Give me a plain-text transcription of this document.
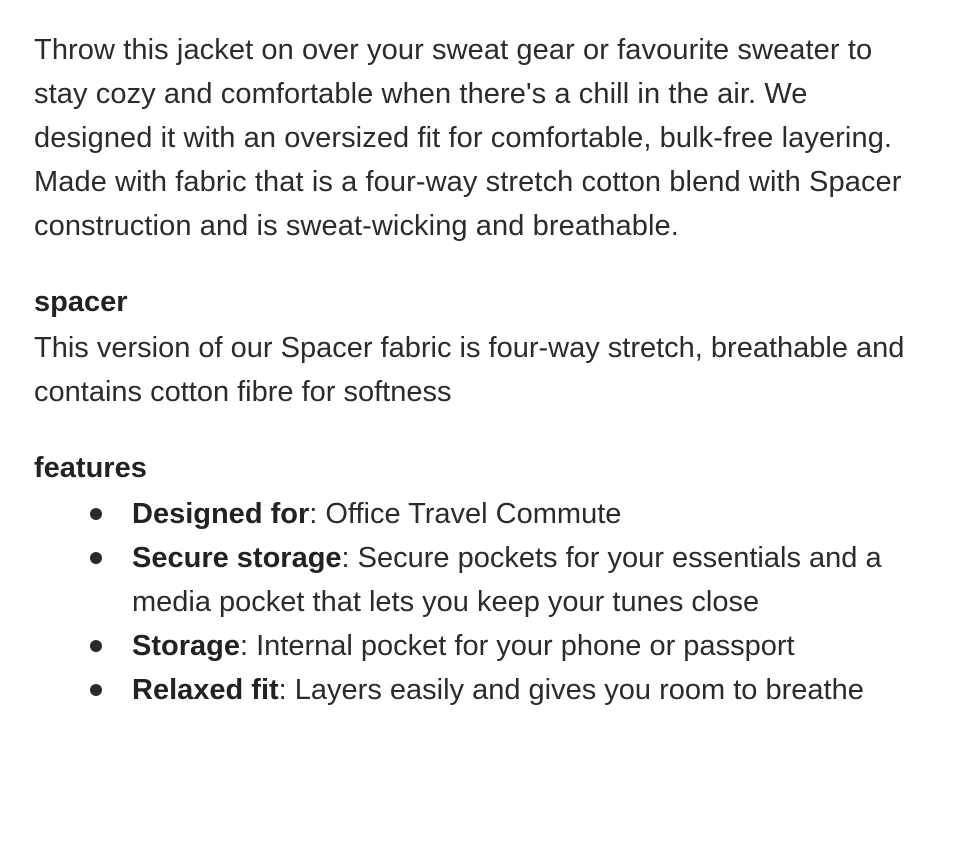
Throw this jacket on over your sweat gear or favourite sweater to stay cozy and comfortable when there's a chill in the air. We designed it with an oversized fit for comfortable, bulk-free layering. Made with fabric that is a four-way stretch cotton blend with Spacer construction and is sweat-wicking and breathable.

spacer

This version of our Spacer fabric is four-way stretch, breathable and contains cotton fibre for softness

features
Designed for: Office Travel Commute
Secure storage: Secure pockets for your essentials and a media pocket that lets you keep your tunes close
Storage: Internal pocket for your phone or passport
Relaxed fit: Layers easily and gives you room to breathe
